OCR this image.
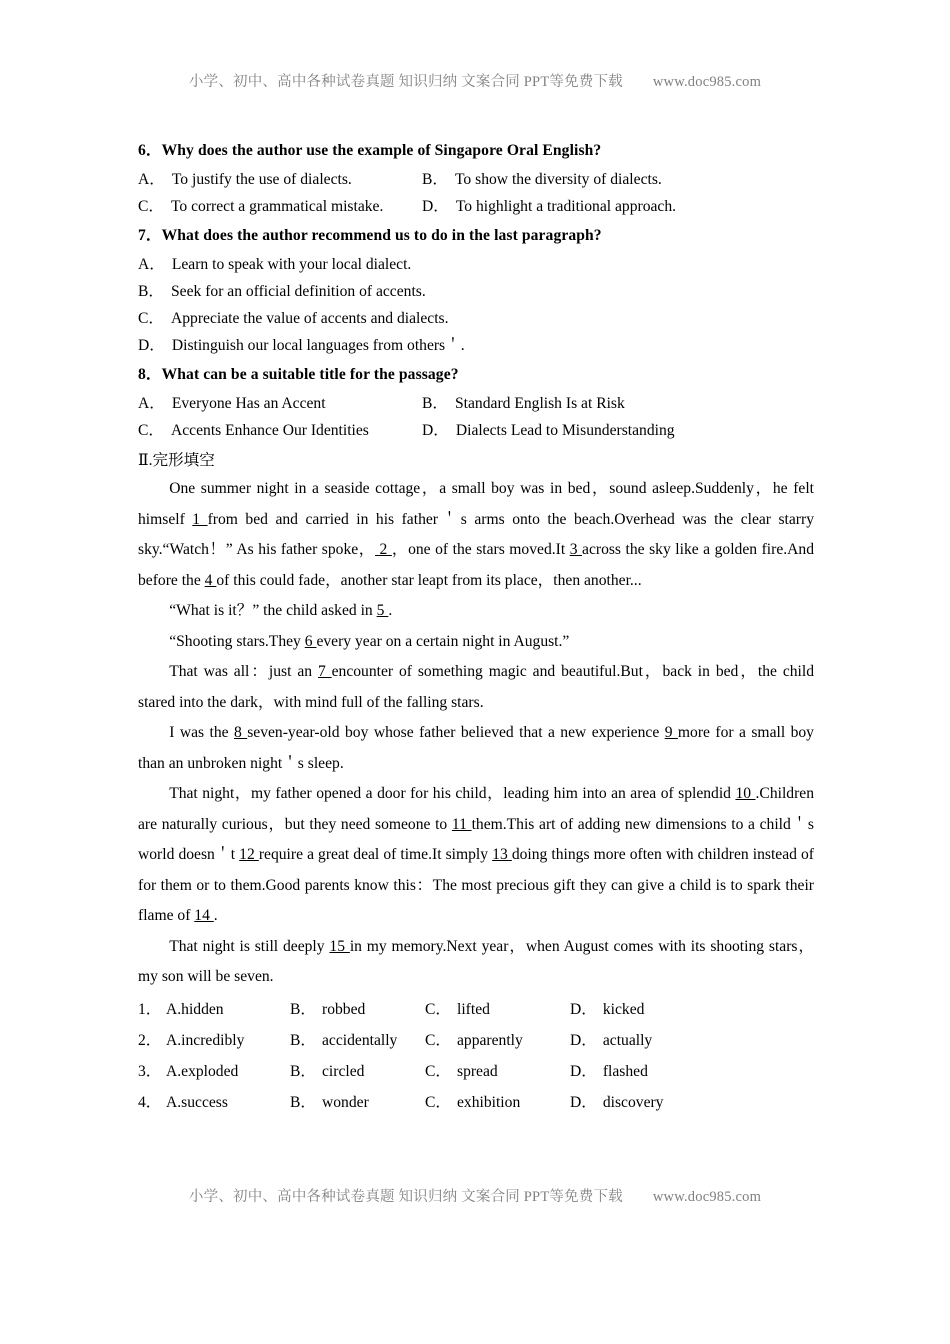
小学、初中、高中各种试卷真题 知识归纳 文案合同 PPT等免费下载 www.doc985.com

6．Why does the author use the example of Singapore Oral English?

A． To justify the use of dialects.	B． To show the diversity of dialects.
C． To correct a grammatical mistake.	D． To highlight a traditional approach.

7．What does the author recommend us to do in the last paragraph?

A． Learn to speak with your local dialect.
B． Seek for an official definition of accents.
C． Appreciate the value of accents and dialects.
D． Distinguish our local languages from others＇.

8．What can be a suitable title for the passage?

A． Everyone Has an Accent	B． Standard English Is at Risk
C． Accents Enhance Our Identities	D． Dialects Lead to Misunderstanding
Ⅱ.完形填空

One summer night in a seaside cottage，a small boy was in bed，sound asleep.Suddenly，he felt himself 1 from bed and carried in his father＇s arms onto the beach.Overhead was the clear starry sky.“Watch！” As his father spoke， 2 ，one of the stars moved.It 3 across the sky like a golden fire.And before the 4 of this could fade，another star leapt from its place，then another...

“What is it？” the child asked in 5 .

“Shooting stars.They 6 every year on a certain night in August.”

That was all：just an 7 encounter of something magic and beautiful.But，back in bed，the child stared into the dark，with mind full of the falling stars.

I was the 8 seven-year-old boy whose father believed that a new experience 9 more for a small boy than an unbroken night＇s sleep.

That night，my father opened a door for his child，leading him into an area of splendid 10 .Children are naturally curious，but they need someone to 11 them.This art of adding new dimensions to a child＇s world doesn＇t 12 require a great deal of time.It simply 13 doing things more often with children instead of for them or to them.Good parents know this：The most precious gift they can give a child is to spark their flame of 14 .

That night is still deeply 15 in my memory.Next year，when August comes with its shooting stars，my son will be seven.

1． A.hidden	B． robbed	C． lifted	D． kicked
2． A.incredibly	B． accidentally C． apparently	D． actually
3． A.exploded	B． circled	C． spread	D． flashed
4． A.success	B． wonder	C． exhibition	D． discovery
小学、初中、高中各种试卷真题 知识归纳 文案合同 PPT等免费下载 www.doc985.com
